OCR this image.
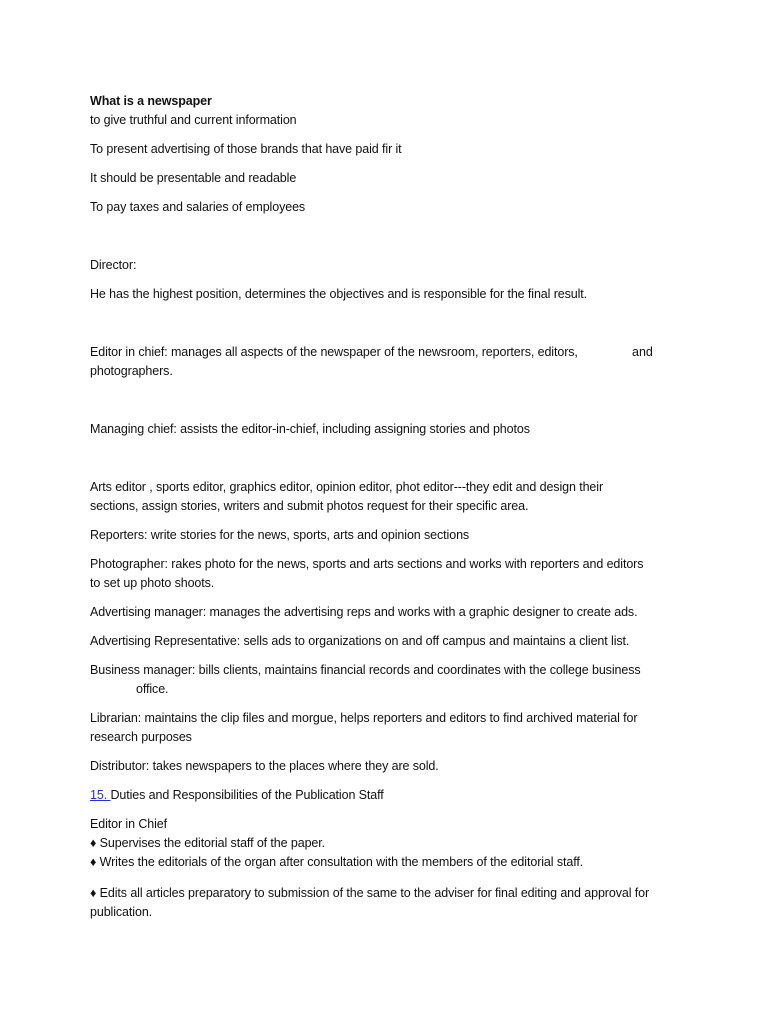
What is a newspaper
to give truthful and current information
To present advertising of those brands that have paid fir it
It should be presentable and readable
To pay taxes and salaries of employees
Director:
He has the highest position, determines the objectives and is responsible for the final result.
Editor in chief: manages all aspects of the newspaper of the newsroom, reporters, editors,	and
photographers.
Managing chief: assists the editor-in-chief, including assigning stories and photos
Arts editor , sports editor, graphics editor, opinion editor, phot editor---they edit and design their
sections, assign stories, writers and submit photos request for their specific area.
Reporters: write stories for the news, sports, arts and opinion sections
Photographer: rakes photo for the news, sports and arts sections and works with reporters and editors
to set up photo shoots.
Advertising manager: manages the advertising reps and works with a graphic designer to create ads.
Advertising Representative: sells ads to organizations on and off campus and maintains a client list.
Business manager: bills clients, maintains financial records and coordinates with the college business
office.
Librarian: maintains the clip files and morgue, helps reporters and editors to find archived material for
research purposes
Distributor: takes newspapers to the places where they are sold.
15. Duties and Responsibilities of the Publication Staff
Editor in Chief
♦ Supervises the editorial staff of the paper.
♦ Writes the editorials of the organ after consultation with the members of the editorial staff.
♦ Edits all articles preparatory to submission of the same to the adviser for final editing and approval for
publication.
